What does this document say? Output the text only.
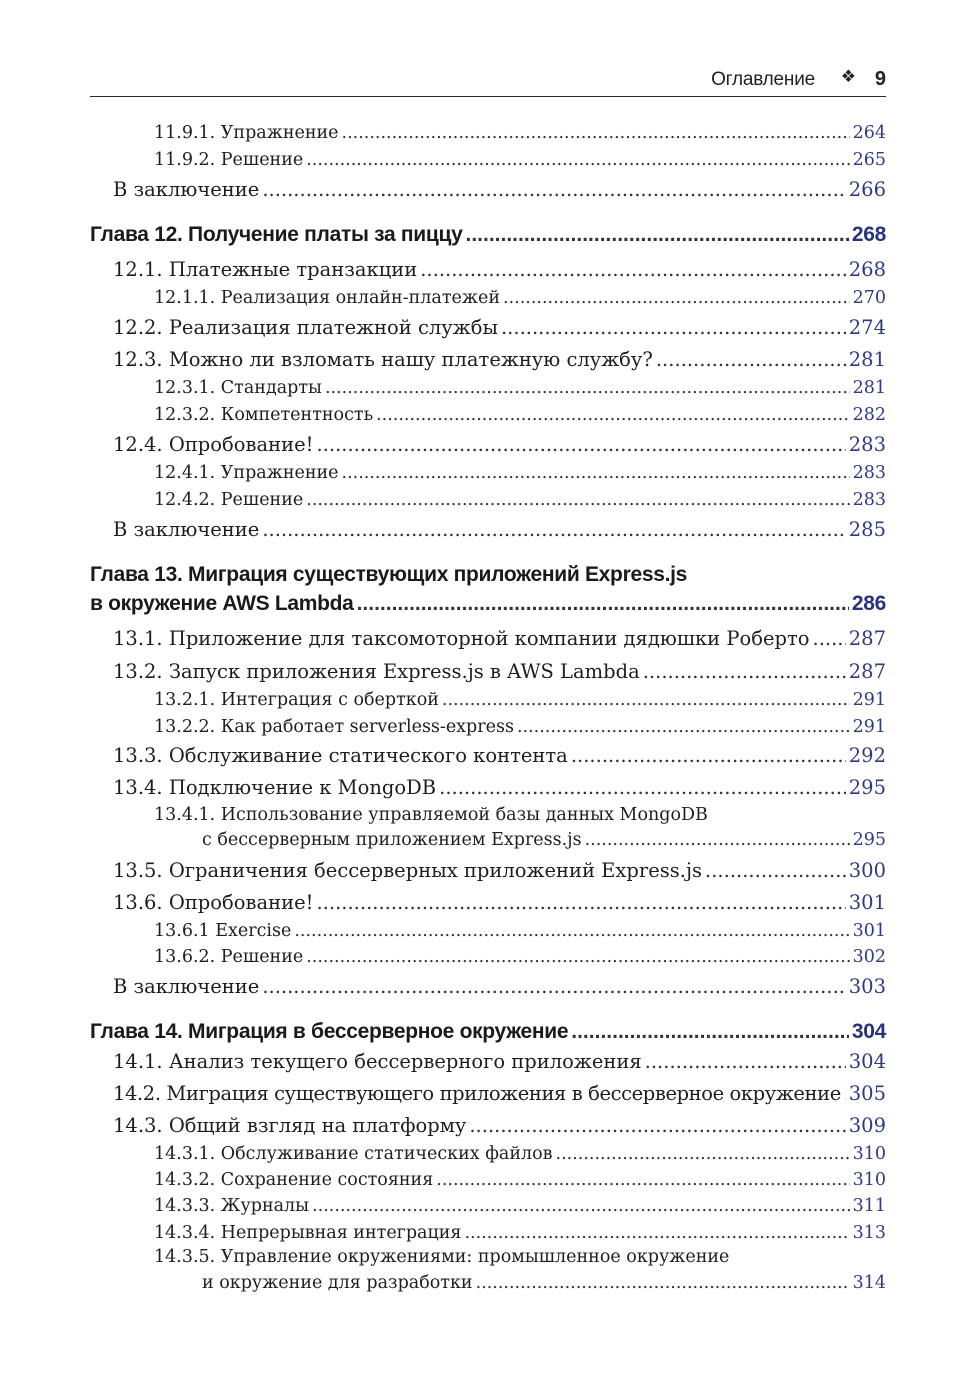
Оглавление ❖ 9
11.9.1. Упражнение .....	264
11.9.2. Решение .....	265
В заключение .....	266
Глава 12. Получение платы за пиццу .....	268
12.1. Платежные транзакции .....	268
12.1.1. Реализация онлайн-платежей .....	270
12.2. Реализация платежной службы .....	274
12.3. Можно ли взломать нашу платежную службу? .....	281
12.3.1. Стандарты .....	281
12.3.2. Компетентность .....	282
12.4. Опробование! .....	283
12.4.1. Упражнение .....	283
12.4.2. Решение .....	283
В заключение .....	285
Глава 13. Миграция существующих приложений Express.js
в окружение AWS Lambda .....	286
13.1. Приложение для таксомоторной компании дядюшки Роберто ..... 287
13.2. Запуск приложения Express.js в AWS Lambda .....	287
13.2.1. Интеграция с оберткой .....	291
13.2.2. Как работает serverless-express .....	291
13.3. Обслуживание статического контента .....	292
13.4. Подключение к MongoDB .....	295
13.4.1. Использование управляемой базы данных MongoDB
с бессерверным приложением Express.js .....	295
13.5. Ограничения бессерверных приложений Express.js .....	300
13.6. Опробование! .....	301
13.6.1 Exercise .....	301
13.6.2. Решение .....	302
В заключение .....	303
Глава 14. Миграция в бессерверное окружение .....	304
14.1. Анализ текущего бессерверного приложения .....	304
14.2. Миграция существующего приложения в бессерверное окружение ..... 305
14.3. Общий взгляд на платформу .....	309
14.3.1. Обслуживание статических файлов .....	310
14.3.2. Сохранение состояния .....	310
14.3.3. Журналы .....	311
14.3.4. Непрерывная интеграция .....	313
14.3.5. Управление окружениями: промышленное окружение
и окружение для разработки .....	314
